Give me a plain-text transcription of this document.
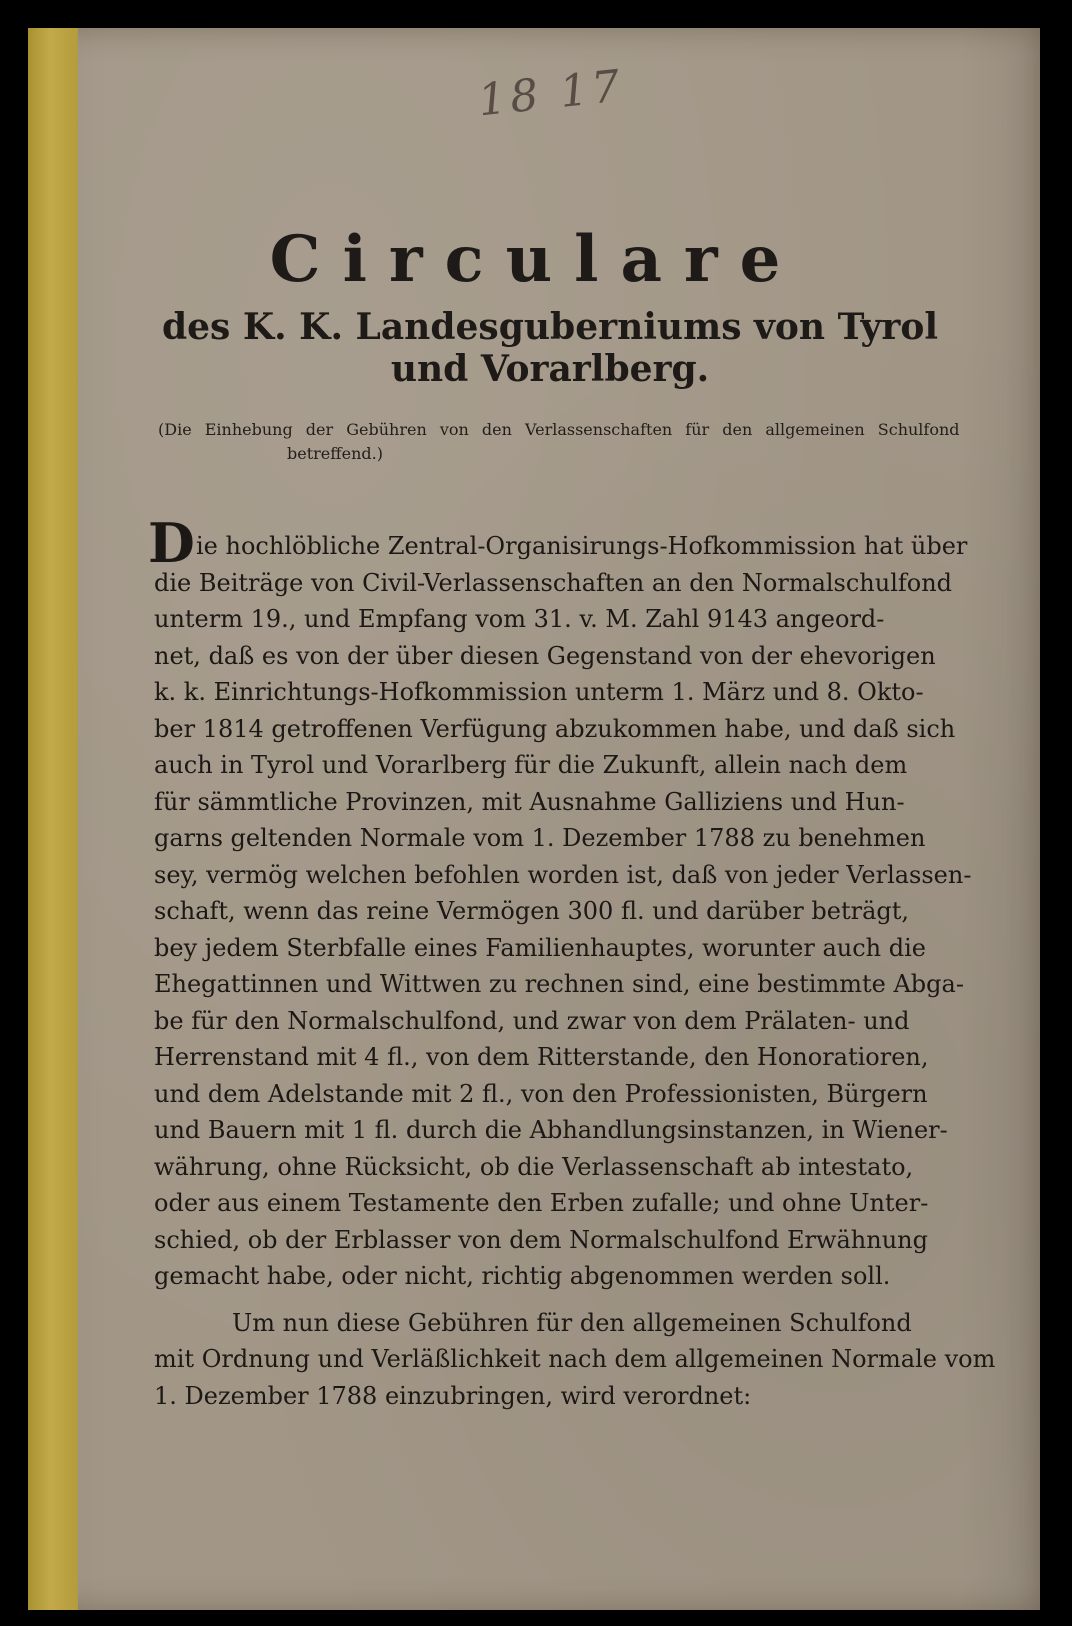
18 17
Circulare
des K. K. Landesguberniums von Tyrol
und Vorarlberg.
(Die Einhebung der Gebühren von den Verlassenschaften für den allgemeinen Schulfond
betreffend.)
D ie hochlöbliche Zentral-Organisirungs-Hofkommission hat über
die Beiträge von Civil-Verlassenschaften an den Normalschulfond
unterm 19., und Empfang vom 31. v. M. Zahl 9143 angeord-
net, daß es von der über diesen Gegenstand von der ehevorigen
k. k. Einrichtungs-Hofkommission unterm 1. März und 8. Okto-
ber 1814 getroffenen Verfügung abzukommen habe, und daß sich
auch in Tyrol und Vorarlberg für die Zukunft, allein nach dem
für sämmtliche Provinzen, mit Ausnahme Galliziens und Hun-
garns geltenden Normale vom 1. Dezember 1788 zu benehmen
sey, vermög welchen befohlen worden ist, daß von jeder Verlassen-
schaft, wenn das reine Vermögen 300 fl. und darüber beträgt,
bey jedem Sterbfalle eines Familienhauptes, worunter auch die
Ehegattinnen und Wittwen zu rechnen sind, eine bestimmte Abga-
be für den Normalschulfond, und zwar von dem Prälaten- und
Herrenstand mit 4 fl., von dem Ritterstande, den Honoratioren,
und dem Adelstande mit 2 fl., von den Professionisten, Bürgern
und Bauern mit 1 fl. durch die Abhandlungsinstanzen, in Wiener-
währung, ohne Rücksicht, ob die Verlassenschaft ab intestato,
oder aus einem Testamente den Erben zufalle; und ohne Unter-
schied, ob der Erblasser von dem Normalschulfond Erwähnung
gemacht habe, oder nicht, richtig abgenommen werden soll.
Um nun diese Gebühren für den allgemeinen Schulfond
mit Ordnung und Verläßlichkeit nach dem allgemeinen Normale vom
1. Dezember 1788 einzubringen, wird verordnet:
